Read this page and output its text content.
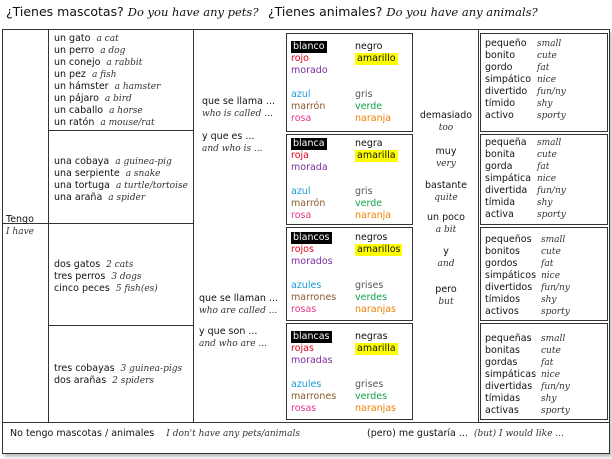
¿Tienes mascotas? Do you have any pets? ¿Tienes animales? Do you have any animals?
Tengo
I have
un gato a cat
un perro a dog
un conejo a rabbit
un pez a fish
un hámster a hamster
un pájaro a bird
un caballo a horse
un ratón a mouse/rat
una cobaya a guinea-pig
una serpiente a snake
una tortuga a turtle/tortoise
una araña a spider
dos gatos 2 cats
tres perros 3 dogs
cinco peces 5 fish(es)
tres cobayas 3 guinea-pigs
dos arañas 2 spiders
que se llama ...
who is called ...
y que es ...
and who is ...
que se llaman ...
who are called ...
y que son ...
and who are ...
blanco	negro
rojo	amarillo
morado
azul	gris
marrón	verde
rosa	naranja
blanca	negra
roja	amarilla
morada
azul	gris
marrón	verde
rosa	naranja
blancos	negros
rojos	amarillos
morados
azules	grises
marrones	verdes
rosas	naranjas
blancas	negras
rojas	amarilla
moradas
azules	grises
marrones	verdes
rosas	naranjas
demasiado
too
muy
very
bastante
quite
un poco
a bit
y
and
pero
but
pequeño	small
bonito	cute
gordo	fat
simpático nice
divertido	fun/ny
tímido	shy
activo	sporty
pequeña	small
bonita	cute
gorda	fat
simpática nice
divertida	fun/ny
tímida	shy
activa	sporty
pequeños	small
bonitos	cute
gordos	fat
simpáticos nice
divertidos fun/ny
tímidos	shy
activos	sporty
pequeñas	small
bonitas	cute
gordas	fat
simpáticas nice
divertidas fun/ny
tímidas	shy
activas	sporty
No tengo mascotas / animales I don't have any pets/animals	(pero) me gustaría ... (but) I would like ...
